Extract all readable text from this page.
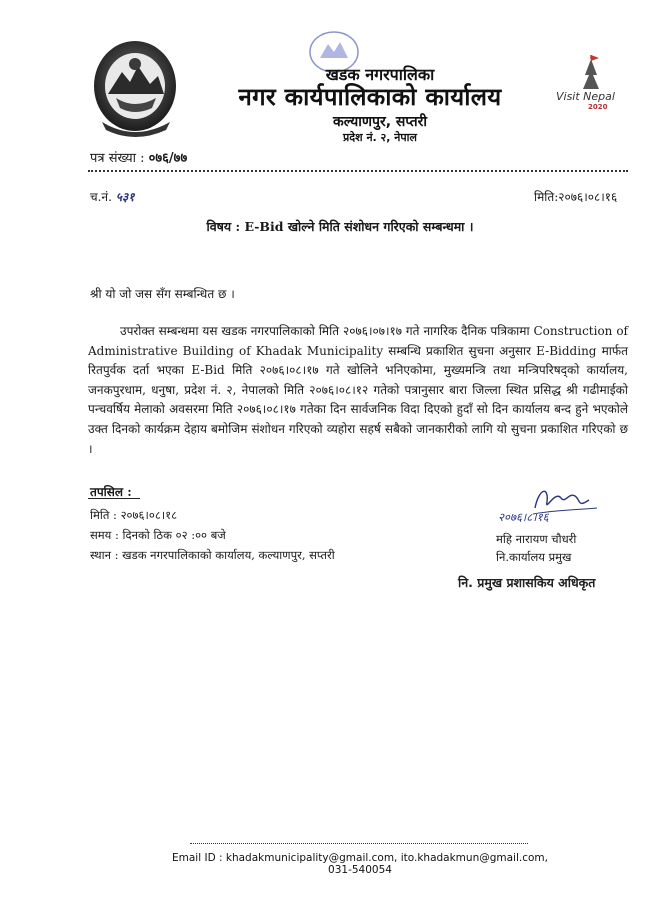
Visit Nepal
2020
खडक नगरपालिका
नगर कार्यपालिकाको कार्यालय
कल्याणपुर, सप्तरी
प्रदेश नं. २, नेपाल
पत्र संख्या : ०७६/७७
च.नं. ५३१	मिति:२०७६।०८।१६
विषय : E-Bid खोल्ने मिति संशोधन गरिएको सम्बन्धमा ।
श्री यो जो जस सँग सम्बन्धित छ ।
उपरोक्त सम्बन्धमा यस खडक नगरपालिकाको मिति २०७६।०७।१७ गते नागरिक दैनिक पत्रिकामा Construction of Administrative Building of Khadak Municipality सम्बन्धि प्रकाशित सुचना अनुसार E-Bidding मार्फत रितपुर्वक दर्ता भएका E-Bid मिति २०७६।०८।१७ गते खोलिने भनिएकोमा, मुख्यमन्त्रि तथा मन्त्रिपरिषद्को कार्यालय, जनकपुरधाम, धनुषा, प्रदेश नं. २, नेपालको मिति २०७६।०८।१२ गतेको पत्रानुसार बारा जिल्ला स्थित प्रसिद्ध श्री गढीमाईको पन्चवर्षिय मेलाको अवसरमा मिति २०७६।०८।१७ गतेका दिन सार्वजनिक विदा दिएको हुदाँ सो दिन कार्यालय बन्द हुने भएकोले उक्त दिनको कार्यक्रम देहाय बमोजिम संशोधन गरिएको व्यहोरा सहर्ष सबैको जानकारीको लागि यो सुचना प्रकाशित गरिएको छ ।
तपसिल :
मिति : २०७६।०८।१८
समय : दिनको ठिक ०२ :०० बजे
स्थान : खडक नगरपालिकाको कार्यालय, कल्याणपुर, सप्तरी
२०७६।८।१६
महि नारायण चौधरी
नि.कार्यालय प्रमुख
नि. प्रमुख प्रशासकिय अधिकृत
Email ID : khadakmunicipality@gmail.com, ito.khadakmun@gmail.com, 031-540054
